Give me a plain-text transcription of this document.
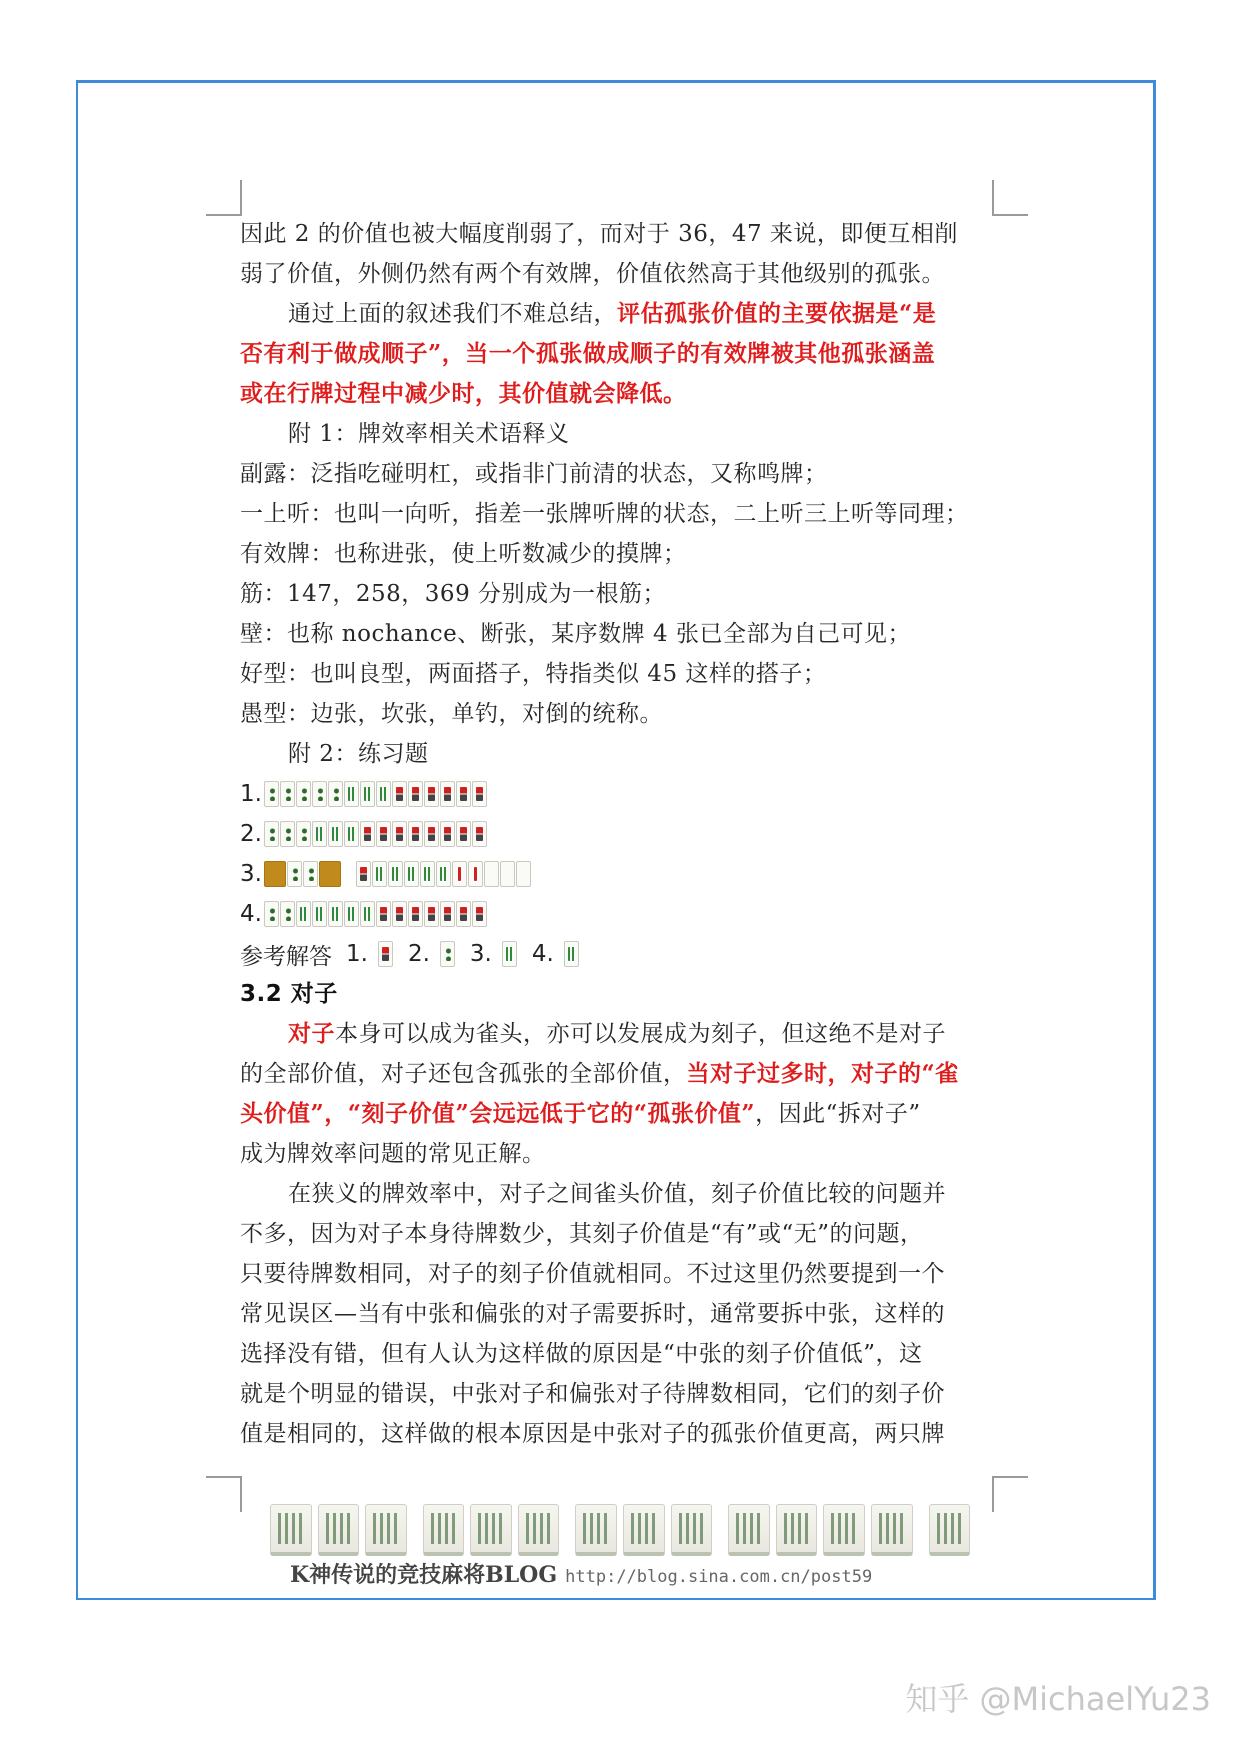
因此 2 的价值也被大幅度削弱了，而对于 36，47 来说，即便互相削
弱了价值，外侧仍然有两个有效牌，价值依然高于其他级别的孤张。
通过上面的叙述我们不难总结，评估孤张价值的主要依据是“是
否有利于做成顺子”，当一个孤张做成顺子的有效牌被其他孤张涵盖
或在行牌过程中减少时，其价值就会降低。
附 1：牌效率相关术语释义
副露：泛指吃碰明杠，或指非门前清的状态，又称鸣牌；
一上听：也叫一向听，指差一张牌听牌的状态，二上听三上听等同理；
有效牌：也称进张，使上听数减少的摸牌；
筋：147，258，369 分别成为一根筋；
壁：也称 nochance、断张，某序数牌 4 张已全部为自己可见；
好型：也叫良型，两面搭子，特指类似 45 这样的搭子；
愚型：边张，坎张，单钓，对倒的统称。
附 2：练习题
1.
2.
3.
4.
参考解答 1. 2. 3. 4.
3.2 对子
对子本身可以成为雀头，亦可以发展成为刻子，但这绝不是对子
的全部价值，对子还包含孤张的全部价值，当对子过多时，对子的“雀
头价值”，“刻子价值”会远远低于它的“孤张价值”，因此“拆对子”
成为牌效率问题的常见正解。
在狭义的牌效率中，对子之间雀头价值，刻子价值比较的问题并
不多，因为对子本身待牌数少，其刻子价值是“有”或“无”的问题，
只要待牌数相同，对子的刻子价值就相同。不过这里仍然要提到一个
常见误区—当有中张和偏张的对子需要拆时，通常要拆中张，这样的
选择没有错，但有人认为这样做的原因是“中张的刻子价值低”，这
就是个明显的错误，中张对子和偏张对子待牌数相同，它们的刻子价
值是相同的，这样做的根本原因是中张对子的孤张价值更高，两只牌
K神传说的竞技麻将BLOG http://blog.sina.com.cn/post59
知乎 @MichaelYu23
